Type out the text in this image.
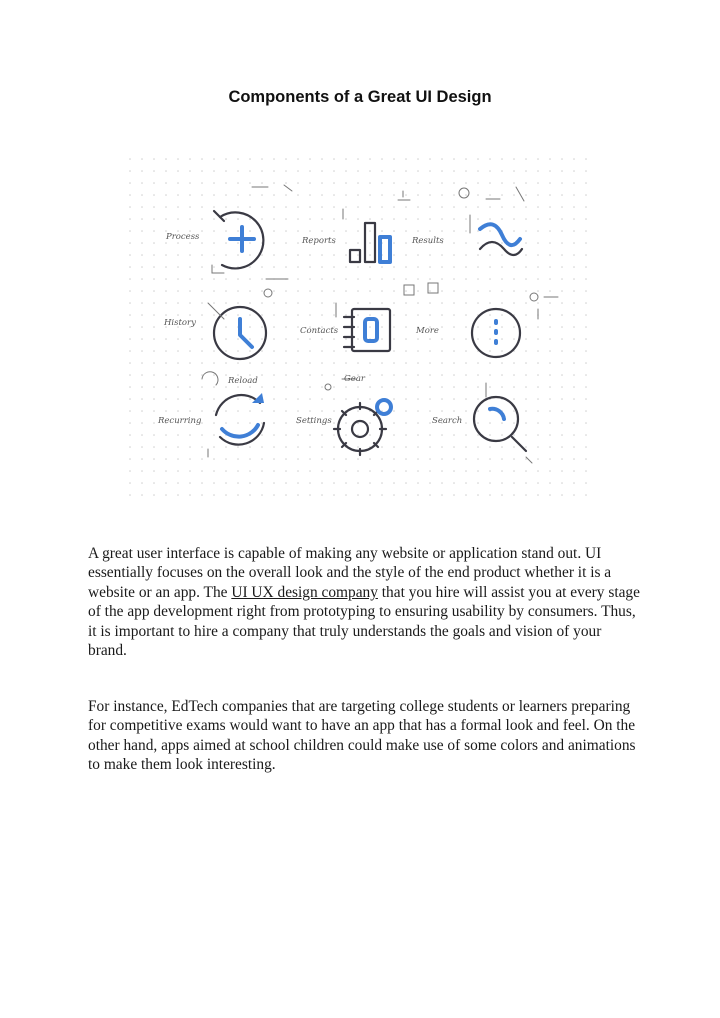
Components of a Great UI Design
Process	Reports	Results
History
Contacts	More
Reload
Recurring	Settings
Gear
Search

A great user interface is capable of making any website or application stand out. UI essentially focuses on the overall look and the style of the end product whether it is a website or an app. The UI UX design company that you hire will assist you at every stage of the app development right from prototyping to ensuring usability by consumers. Thus, it is important to hire a company that truly understands the goals and vision of your brand.

For instance, EdTech companies that are targeting college students or learners preparing for competitive exams would want to have an app that has a formal look and feel. On the other hand, apps aimed at school children could make use of some colors and animations to make them look interesting.
